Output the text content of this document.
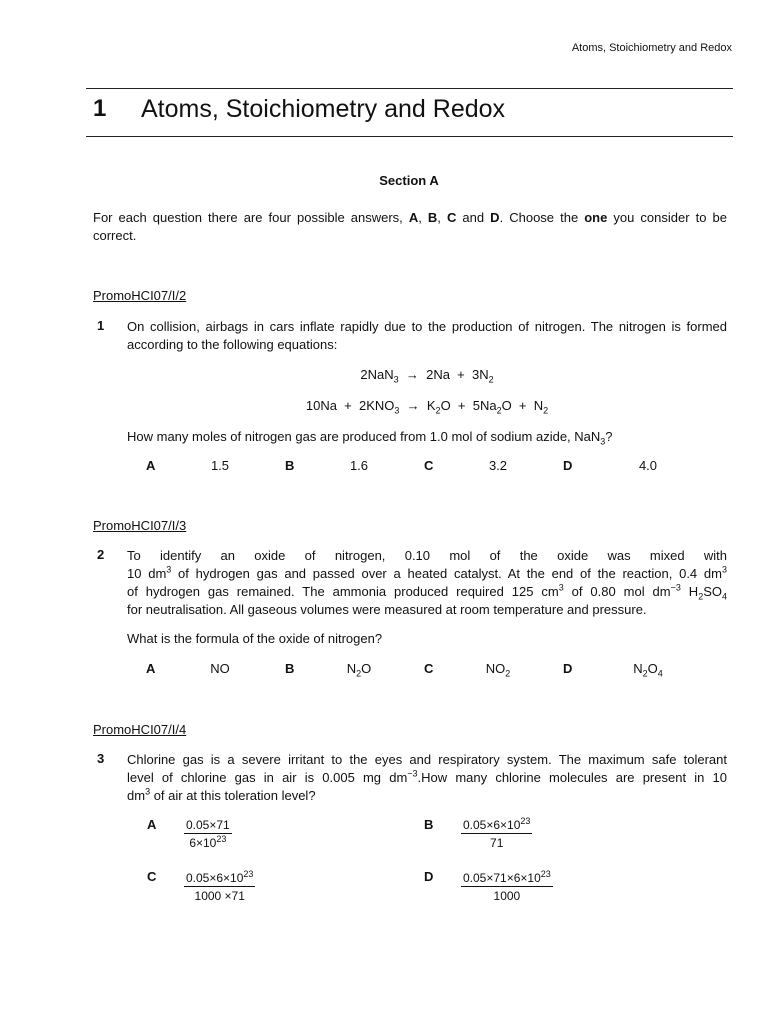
Atoms, Stoichiometry and Redox
1 Atoms, Stoichiometry and Redox
Section A
For each question there are four possible answers, A, B, C and D. Choose the one you consider to be correct.
PromoHCI07/I/2
1 On collision, airbags in cars inflate rapidly due to the production of nitrogen. The nitrogen is formed according to the following equations:
$2NaN_3 \to 2Na + 3N_2$
$10Na + 2KNO_3 \to K_2O + 5Na_2O + N_2$
How many moles of nitrogen gas are produced from 1.0 mol of sodium azide, NaN$_3$?
A	1.5	B	1.6	C	3.2	D	4.0
PromoHCI07/I/3
2 To identify an oxide of nitrogen, 0.10 mol of the oxide was mixed with
10 $dm^3$ of hydrogen gas and passed over a heated catalyst. At the end of the reaction, 0.4 $dm^3$
of hydrogen gas remained. The ammonia produced required 125 $cm^3$ of 0.80 mol $dm^{-3}$ $H_2SO_4$
for neutralisation. All gaseous volumes were measured at room temperature and pressure.
What is the formula of the oxide of nitrogen?
A	NO	B	$N_2O$	C	$NO_2$	D	$N_2O_4$
PromoHCI07/I/4
3 Chlorine gas is a severe irritant to the eyes and respiratory system. The maximum safe tolerant
level of chlorine gas in air is 0.005 mg $dm^{-3}.How$ many chlorine molecules are present in 10
$dm^3$ of air at this toleration level?
A $\frac{0.05\times 71}{6\times 10^{23}}$	B $\frac{0.05\times 6\times 10^{23}}{71}$
C $\frac{0.05\times 6\times 10^{23}}{1000 \times 71}$	D $\frac{0.05\times 71\times 6\times 10^{23}}{1000}$
